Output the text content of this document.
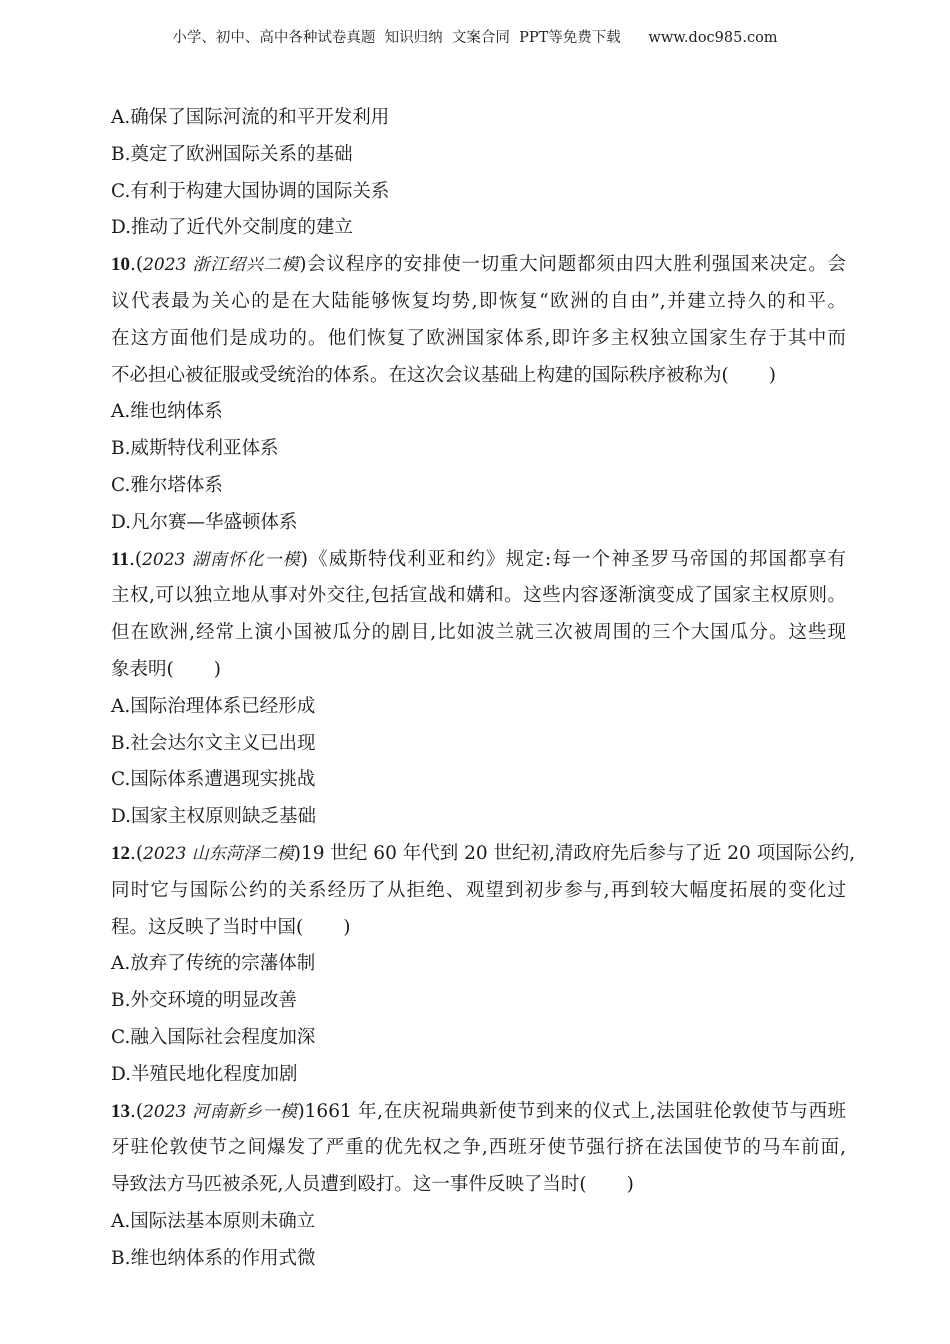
小学、初中、高中各种试卷真题  知识归纳  文案合同  PPT等免费下载      www.doc985.com
A.确保了国际河流的和平开发利用
B.奠定了欧洲国际关系的基础
C.有利于构建大国协调的国际关系
D.推动了近代外交制度的建立
10.(2023 浙江绍兴二模)会议程序的安排使一切重大问题都须由四大胜利强国来决定。会
议代表最为关心的是在大陆能够恢复均势,即恢复“欧洲的自由”,并建立持久的和平。
在这方面他们是成功的。他们恢复了欧洲国家体系,即许多主权独立国家生存于其中而
不必担心被征服或受统治的体系。在这次会议基础上构建的国际秩序被称为( )
A.维也纳体系
B.威斯特伐利亚体系
C.雅尔塔体系
D.凡尔赛—华盛顿体系
11.(2023 湖南怀化一模)《威斯特伐利亚和约》规定:每一个神圣罗马帝国的邦国都享有
主权,可以独立地从事对外交往,包括宣战和媾和。这些内容逐渐演变成了国家主权原则。
但在欧洲,经常上演小国被瓜分的剧目,比如波兰就三次被周围的三个大国瓜分。这些现
象表明( )
A.国际治理体系已经形成
B.社会达尔文主义已出现
C.国际体系遭遇现实挑战
D.国家主权原则缺乏基础
12.(2023 山东菏泽二模)19 世纪 60 年代到 20 世纪初,清政府先后参与了近 20 项国际公约,
同时它与国际公约的关系经历了从拒绝、观望到初步参与,再到较大幅度拓展的变化过
程。这反映了当时中国( )
A.放弃了传统的宗藩体制
B.外交环境的明显改善
C.融入国际社会程度加深
D.半殖民地化程度加剧
13.(2023 河南新乡一模)1661 年,在庆祝瑞典新使节到来的仪式上,法国驻伦敦使节与西班
牙驻伦敦使节之间爆发了严重的优先权之争,西班牙使节强行挤在法国使节的马车前面,
导致法方马匹被杀死,人员遭到殴打。这一事件反映了当时( )
A.国际法基本原则未确立
B.维也纳体系的作用式微
